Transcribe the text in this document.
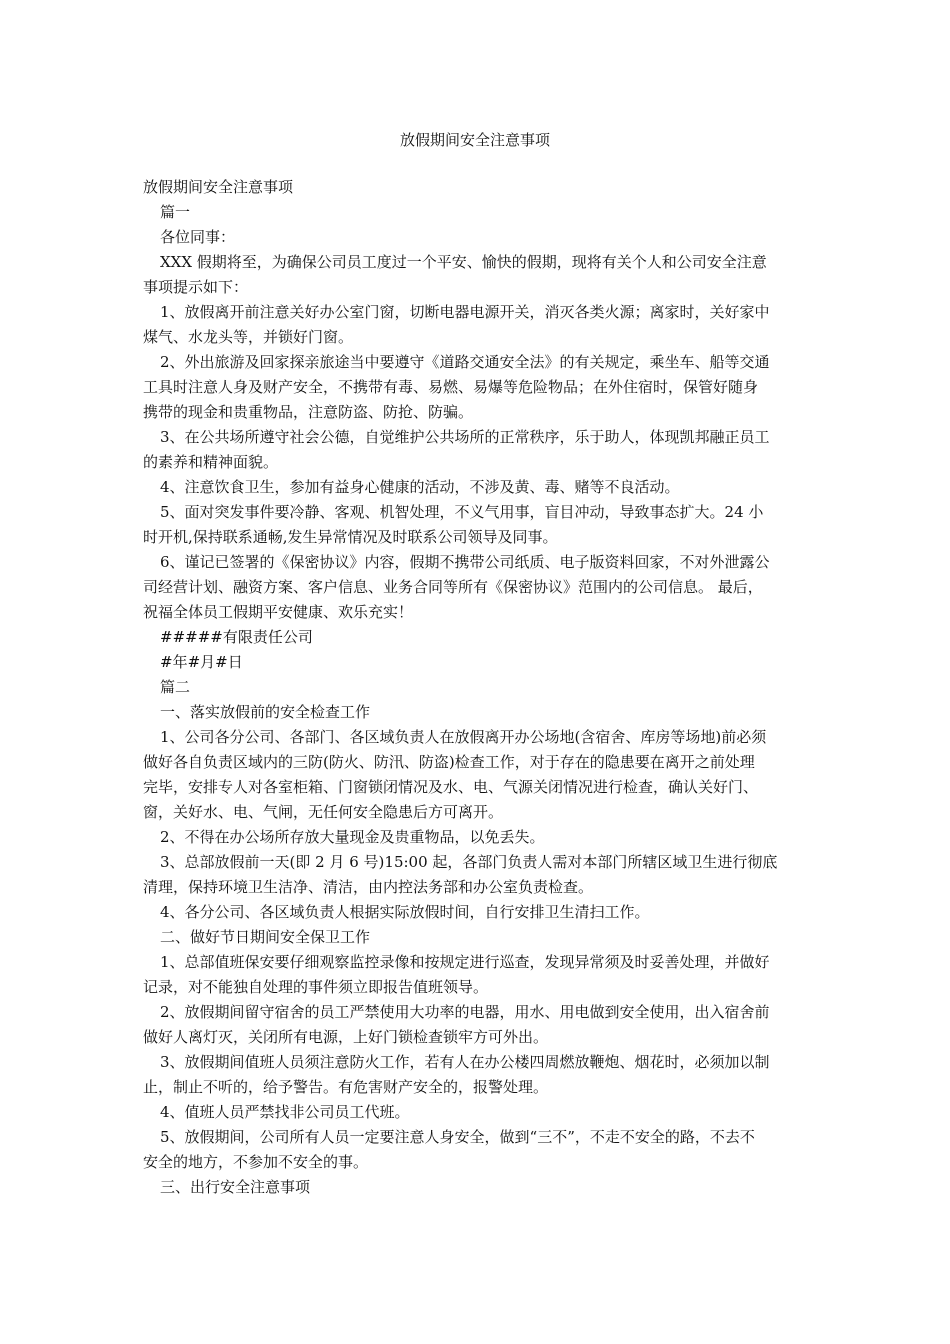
放假期间安全注意事项
放假期间安全注意事项
篇一
各位同事：
XXX 假期将至，为确保公司员工度过一个平安、愉快的假期，现将有关个人和公司安全注意
事项提示如下：
1、放假离开前注意关好办公室门窗，切断电器电源开关，消灭各类火源；离家时，关好家中
煤气、水龙头等，并锁好门窗。
2、外出旅游及回家探亲旅途当中要遵守《道路交通安全法》的有关规定，乘坐车、船等交通
工具时注意人身及财产安全，不携带有毒、易燃、易爆等危险物品；在外住宿时，保管好随身
携带的现金和贵重物品，注意防盗、防抢、防骗。
3、在公共场所遵守社会公德，自觉维护公共场所的正常秩序，乐于助人，体现凯邦融正员工
的素养和精神面貌。
4、注意饮食卫生，参加有益身心健康的活动，不涉及黄、毒、赌等不良活动。
5、面对突发事件要冷静、客观、机智处理，不义气用事，盲目冲动，导致事态扩大。24 小
时开机,保持联系通畅,发生异常情况及时联系公司领导及同事。
6、谨记已签署的《保密协议》内容，假期不携带公司纸质、电子版资料回家，不对外泄露公
司经营计划、融资方案、客户信息、业务合同等所有《保密协议》范围内的公司信息。 最后，
祝福全体员工假期平安健康、欢乐充实！
#####有限责任公司
#年#月#日
篇二
一、落实放假前的安全检查工作
1、公司各分公司、各部门、各区域负责人在放假离开办公场地(含宿舍、库房等场地)前必须
做好各自负责区域内的三防(防火、防汛、防盗)检查工作，对于存在的隐患要在离开之前处理
完毕，安排专人对各室柜箱、门窗锁闭情况及水、电、气源关闭情况进行检查，确认关好门、
窗，关好水、电、气闸，无任何安全隐患后方可离开。
2、不得在办公场所存放大量现金及贵重物品，以免丢失。
3、总部放假前一天(即 2 月 6 号)15:00 起，各部门负责人需对本部门所辖区域卫生进行彻底
清理，保持环境卫生洁净、清洁，由内控法务部和办公室负责检查。
4、各分公司、各区域负责人根据实际放假时间，自行安排卫生清扫工作。
二、做好节日期间安全保卫工作
1、总部值班保安要仔细观察监控录像和按规定进行巡查，发现异常须及时妥善处理，并做好
记录，对不能独自处理的事件须立即报告值班领导。
2、放假期间留守宿舍的员工严禁使用大功率的电器，用水、用电做到安全使用，出入宿舍前
做好人离灯灭，关闭所有电源，上好门锁检查锁牢方可外出。
3、放假期间值班人员须注意防火工作，若有人在办公楼四周燃放鞭炮、烟花时，必须加以制
止，制止不听的，给予警告。有危害财产安全的，报警处理。
4、值班人员严禁找非公司员工代班。
5、放假期间，公司所有人员一定要注意人身安全，做到“三不”，不走不安全的路，不去不
安全的地方，不参加不安全的事。
三、出行安全注意事项
